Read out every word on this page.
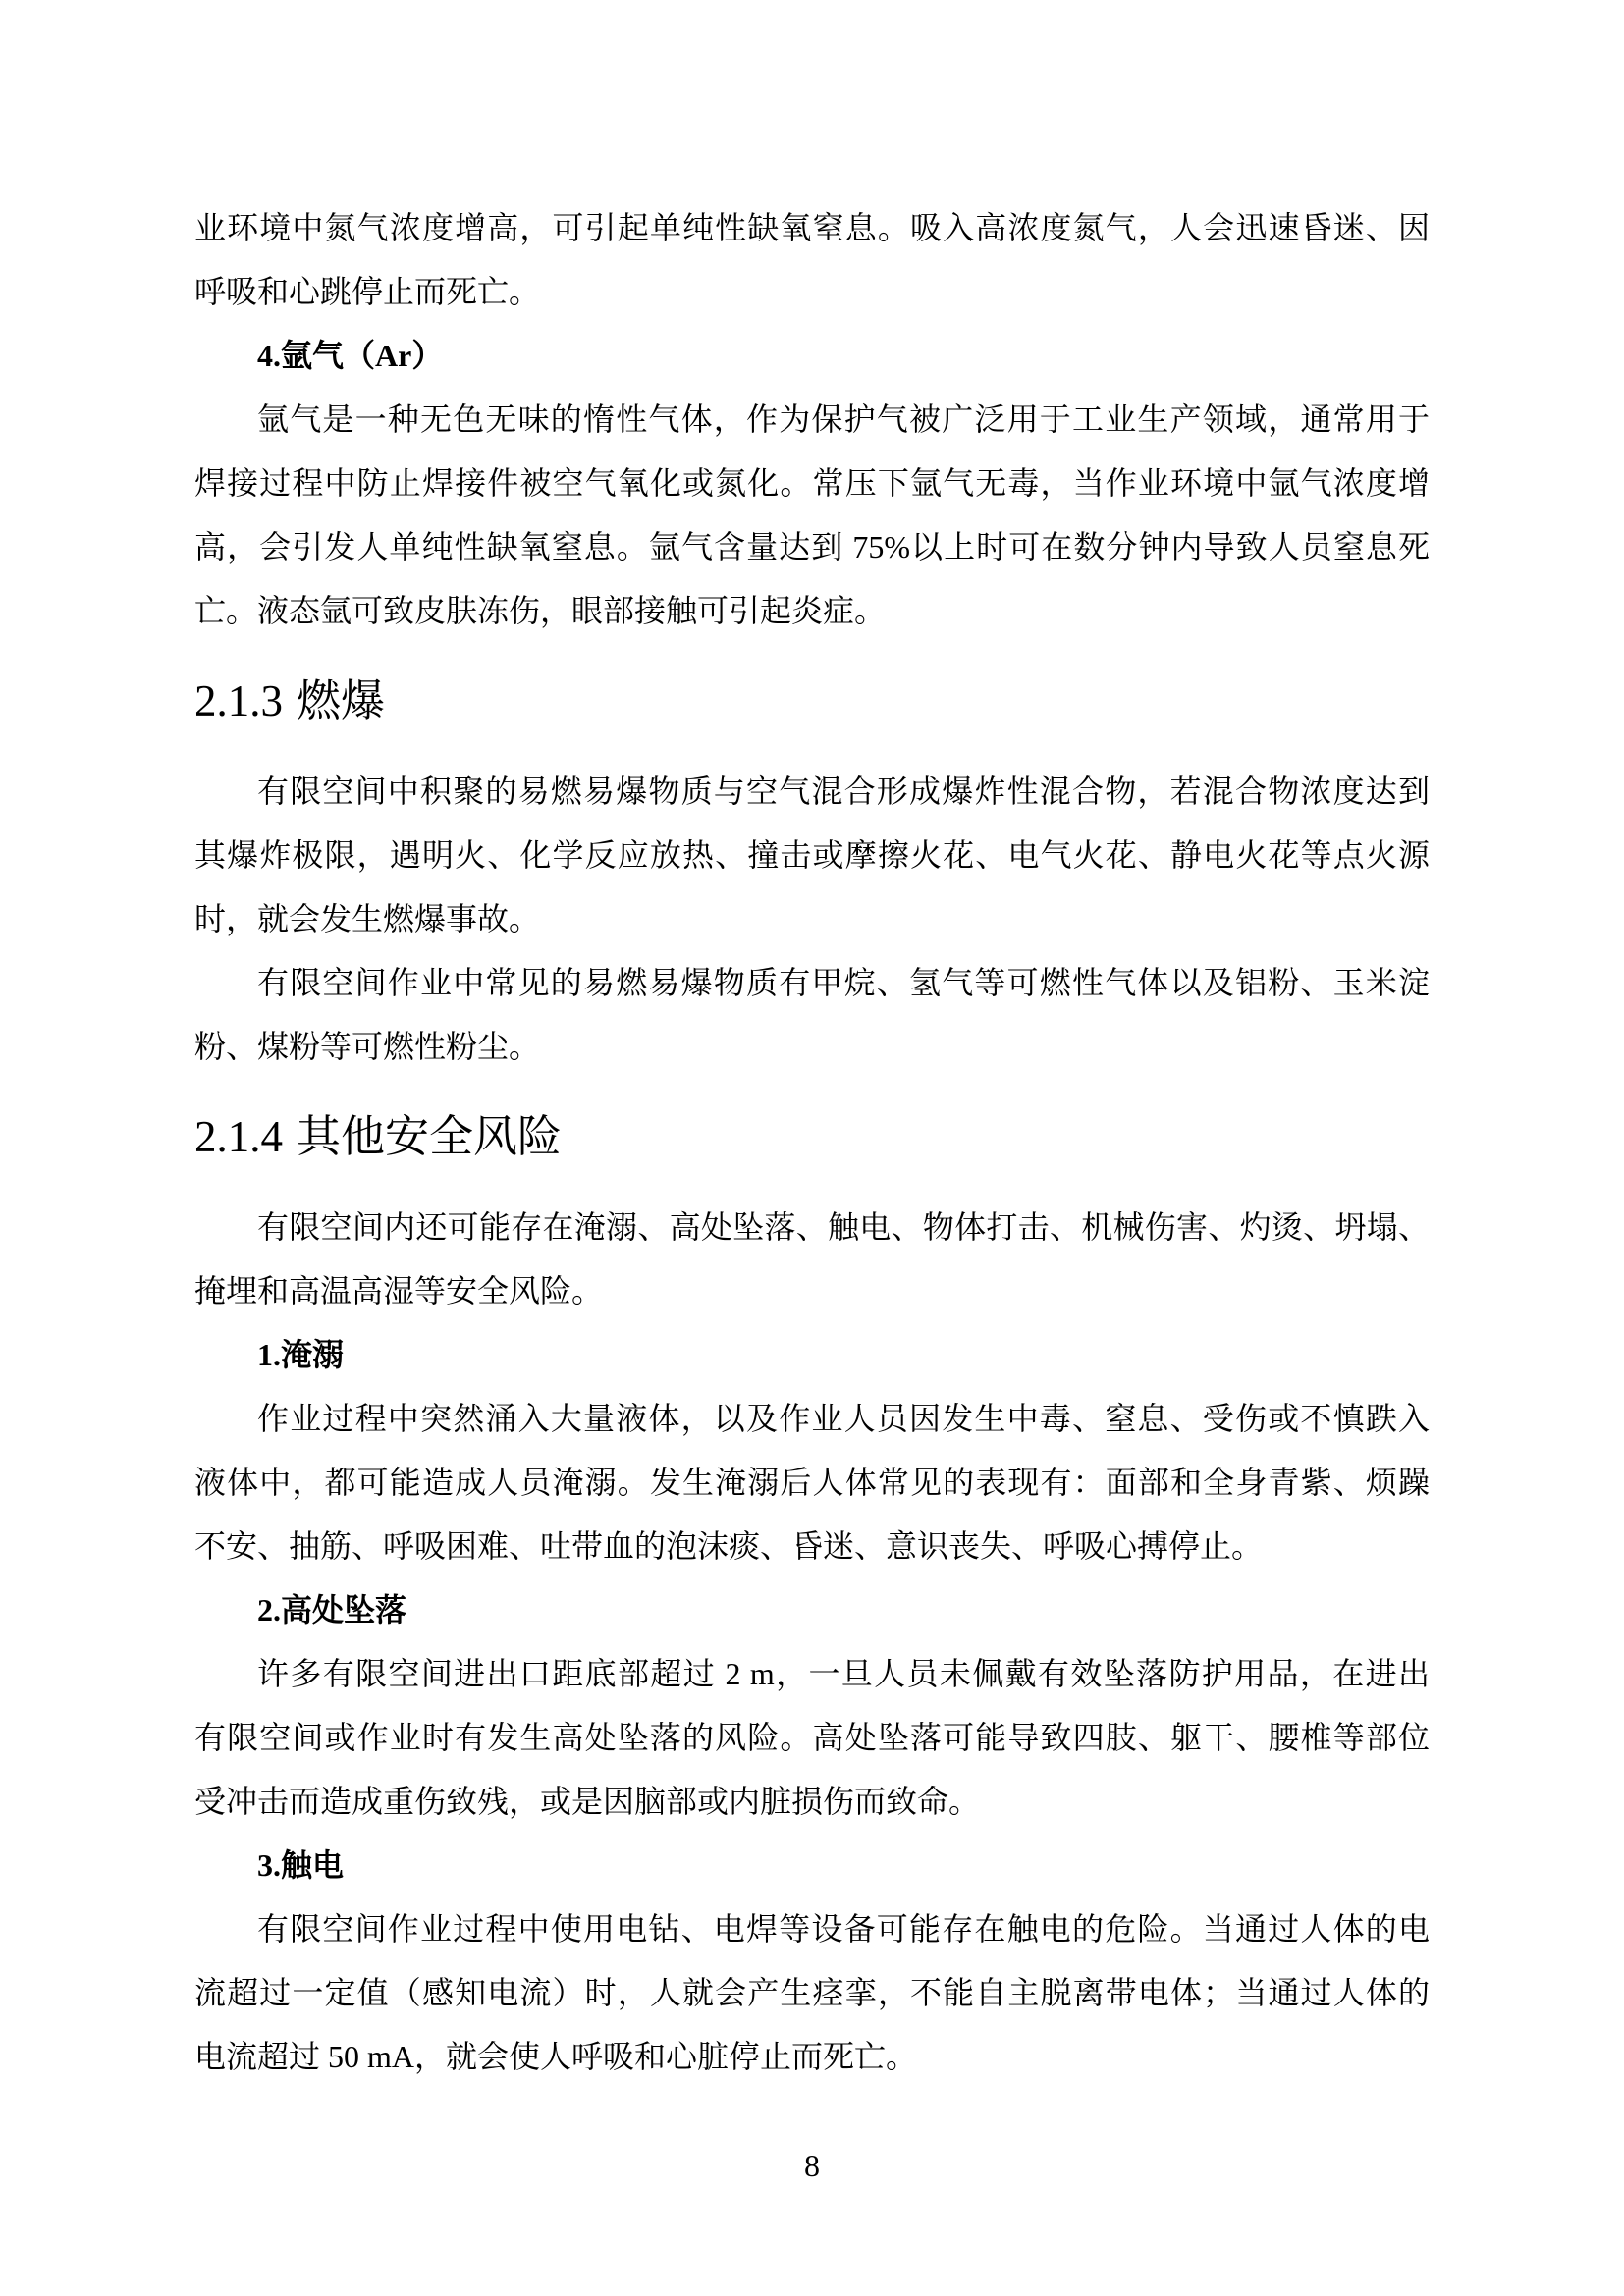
业环境中氮气浓度增高，可引起单纯性缺氧窒息。吸入高浓度氮气，人会迅速昏迷、因
呼吸和心跳停止而死亡。
4.氩气（Ar）
氩气是一种无色无味的惰性气体，作为保护气被广泛用于工业生产领域，通常用于
焊接过程中防止焊接件被空气氧化或氮化。常压下氩气无毒，当作业环境中氩气浓度增
高，会引发人单纯性缺氧窒息。氩气含量达到 75%以上时可在数分钟内导致人员窒息死
亡。液态氩可致皮肤冻伤，眼部接触可引起炎症。
2.1.3 燃爆
有限空间中积聚的易燃易爆物质与空气混合形成爆炸性混合物，若混合物浓度达到
其爆炸极限，遇明火、化学反应放热、撞击或摩擦火花、电气火花、静电火花等点火源
时，就会发生燃爆事故。
有限空间作业中常见的易燃易爆物质有甲烷、氢气等可燃性气体以及铝粉、玉米淀
粉、煤粉等可燃性粉尘。
2.1.4 其他安全风险
有限空间内还可能存在淹溺、高处坠落、触电、物体打击、机械伤害、灼烫、坍塌、
掩埋和高温高湿等安全风险。
1.淹溺
作业过程中突然涌入大量液体，以及作业人员因发生中毒、窒息、受伤或不慎跌入
液体中，都可能造成人员淹溺。发生淹溺后人体常见的表现有：面部和全身青紫、烦躁
不安、抽筋、呼吸困难、吐带血的泡沫痰、昏迷、意识丧失、呼吸心搏停止。
2.高处坠落
许多有限空间进出口距底部超过 2 m，一旦人员未佩戴有效坠落防护用品，在进出
有限空间或作业时有发生高处坠落的风险。高处坠落可能导致四肢、躯干、腰椎等部位
受冲击而造成重伤致残，或是因脑部或内脏损伤而致命。
3.触电
有限空间作业过程中使用电钻、电焊等设备可能存在触电的危险。当通过人体的电
流超过一定值（感知电流）时，人就会产生痉挛，不能自主脱离带电体；当通过人体的
电流超过 50 mA，就会使人呼吸和心脏停止而死亡。
8
